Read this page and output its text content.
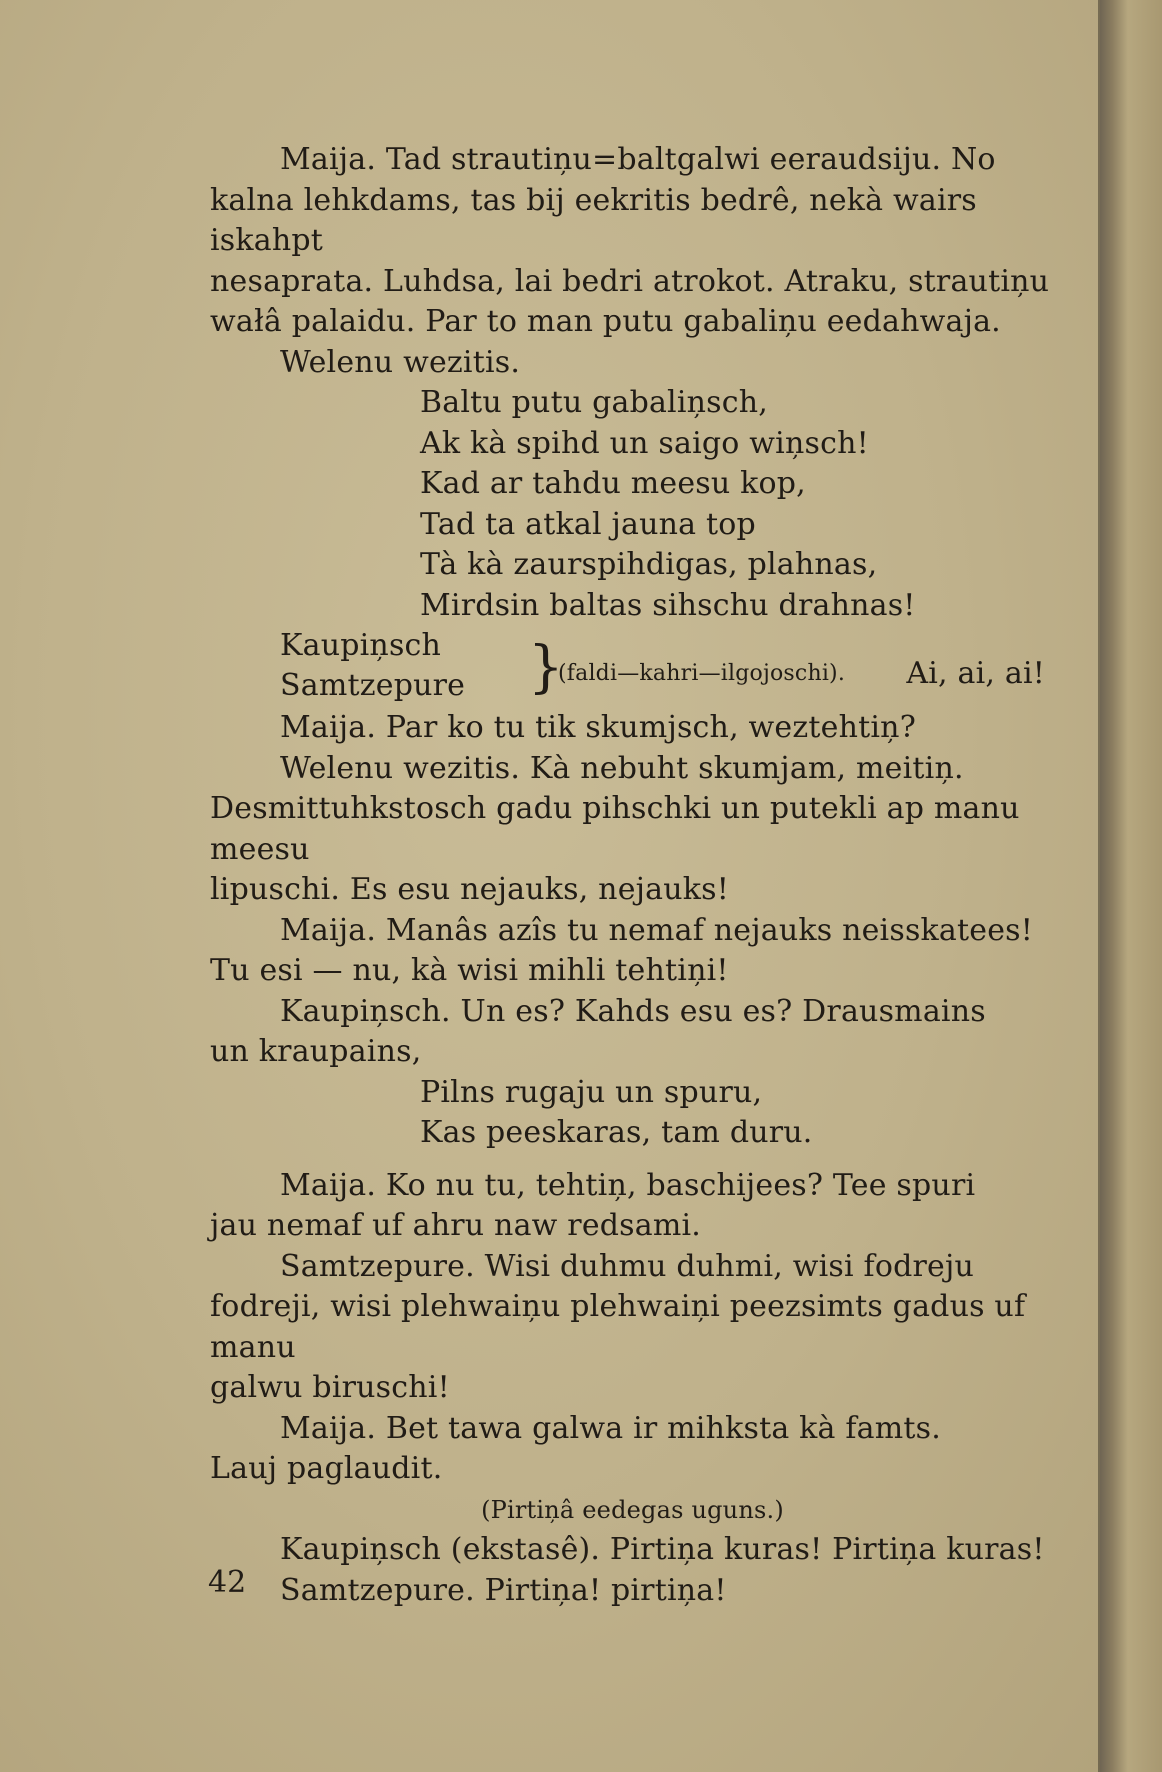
Maija. Tad strautiņu=baltgalwi eeraudsiju. No

kalna lehkdams, tas bij eekritis bedrê, nekà wairs iskahpt

nesaprata. Luhdsa, lai bedri atrokot. Atraku, strautiņu

wałâ palaidu. Par to man putu gabaliņu eedahwaja.

Welenu wezitis.

Baltu putu gabaliņsch,

Ak kà spihd un saigo wiņsch!

Kad ar tahdu meesu kop,

Tad ta atkal jauna top

Tà kà zaurspihdigas, plahnas,

Mirdsin baltas sihschu drahnas!

Kaupiņsch
Samtzepure }
(faldi—kahri—ilgojoschi). Ai, ai, ai!

Maija. Par ko tu tik skumjsch, weztehtiņ?

Welenu wezitis. Kà nebuht skumjam, meitiņ.

Desmittuhkstosch gadu pihschki un putekli ap manu meesu

lipuschi. Es esu nejauks, nejauks!

Maija. Manâs azîs tu nemaf nejauks neisskatees!

Tu esi — nu, kà wisi mihli tehtiņi!

Kaupiņsch. Un es? Kahds esu es? Drausmains

un kraupains,

Pilns rugaju un spuru,

Kas peeskaras, tam duru.

Maija. Ko nu tu, tehtiņ, baschijees? Tee spuri

jau nemaf uf ahru naw redsami.

Samtzepure. Wisi duhmu duhmi, wisi fodreju

fodreji, wisi plehwaiņu plehwaiņi peezsimts gadus uf manu

galwu biruschi!

Maija. Bet tawa galwa ir mihksta kà famts.

Lauj paglaudit.

(Pirtiņâ eedegas uguns.)

Kaupiņsch (ekstasê). Pirtiņa kuras! Pirtiņa kuras!

Samtzepure. Pirtiņa! pirtiņa!

42
